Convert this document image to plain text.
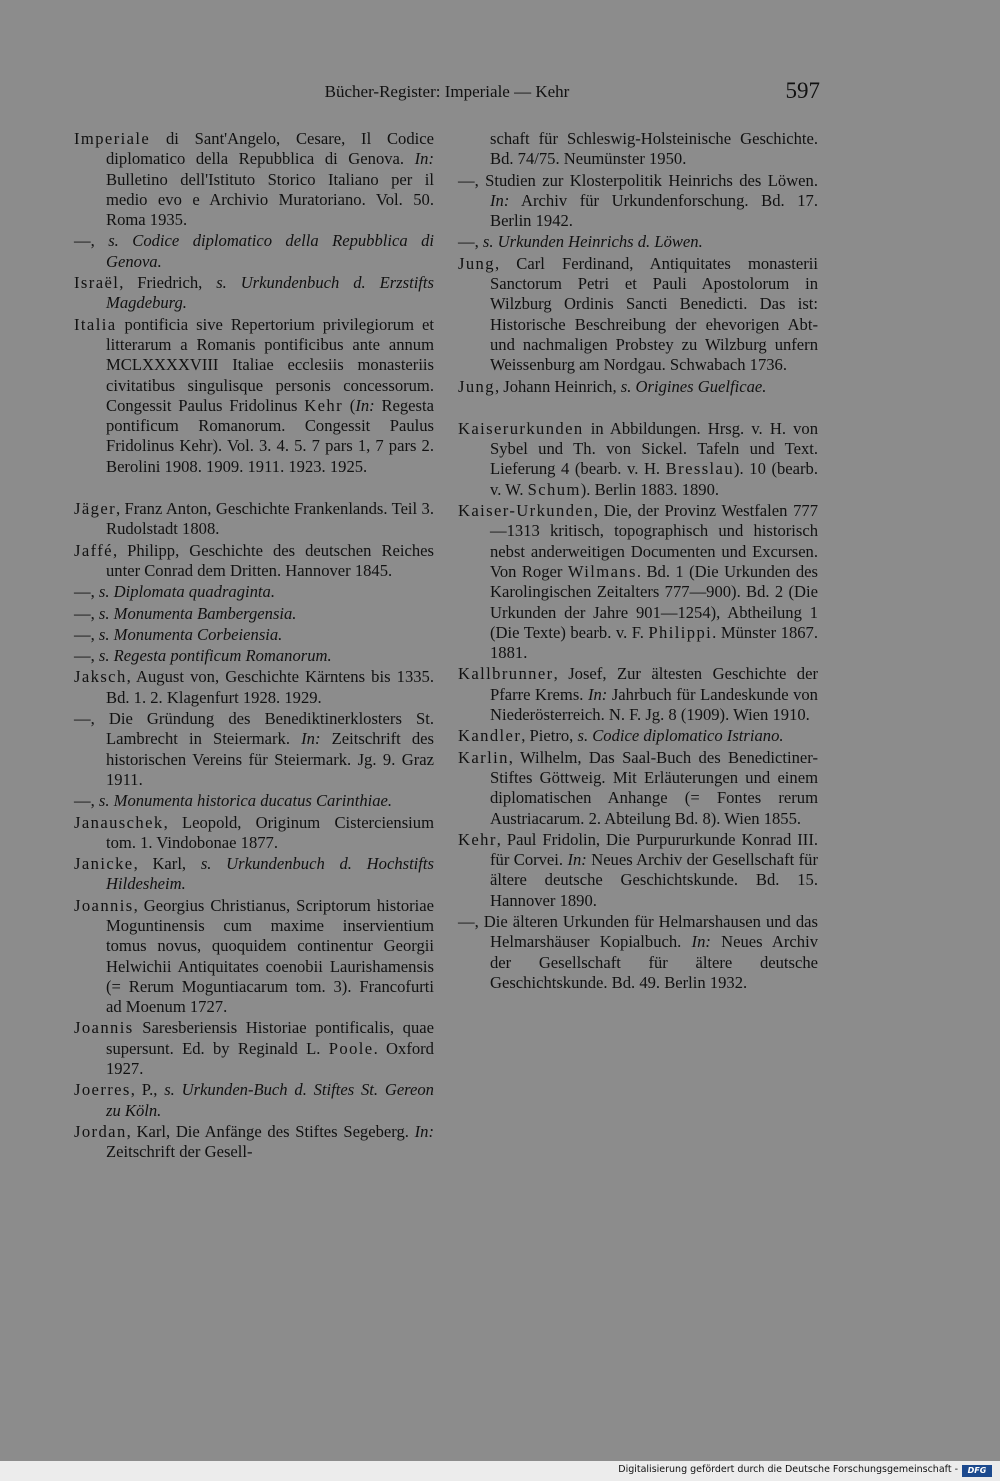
Bücher-Register: Imperiale — Kehr	597

Imperiale di Sant'Angelo, Cesare, Il Codice diplomatico della Repubblica di Genova. In: Bulletino dell'Istituto Storico Italiano per il medio evo e Archivio Muratoriano. Vol. 50. Roma 1935.

—, s. Codice diplomatico della Repubblica di Genova.

Israël, Friedrich, s. Urkundenbuch d. Erzstifts Magdeburg.

Italia pontificia sive Repertorium privilegiorum et litterarum a Romanis pontificibus ante annum MCLXXXXVIII Italiae ecclesiis monasteriis civitatibus singulisque personis concessorum. Congessit Paulus Fridolinus Kehr (In: Regesta pontificum Romanorum. Congessit Paulus Fridolinus Kehr). Vol. 3. 4. 5. 7 pars 1, 7 pars 2. Berolini 1908. 1909. 1911. 1923. 1925.

Jäger, Franz Anton, Geschichte Frankenlands. Teil 3. Rudolstadt 1808.

Jaffé, Philipp, Geschichte des deutschen Reiches unter Conrad dem Dritten. Hannover 1845.

—, s. Diplomata quadraginta.

—, s. Monumenta Bambergensia.

—, s. Monumenta Corbeiensia.

—, s. Regesta pontificum Romanorum.

Jaksch, August von, Geschichte Kärntens bis 1335. Bd. 1. 2. Klagenfurt 1928. 1929.

—, Die Gründung des Benediktinerklosters St. Lambrecht in Steiermark. In: Zeitschrift des historischen Vereins für Steiermark. Jg. 9. Graz 1911.

—, s. Monumenta historica ducatus Carinthiae.

Janauschek, Leopold, Originum Cisterciensium tom. 1. Vindobonae 1877.

Janicke, Karl, s. Urkundenbuch d. Hochstifts Hildesheim.

Joannis, Georgius Christianus, Scriptorum historiae Moguntinensis cum maxime inservientium tomus novus, quoquidem continentur Georgii Helwichii Antiquitates coenobii Laurishamensis (= Rerum Moguntiacarum tom. 3). Francofurti ad Moenum 1727.

Joannis Saresberiensis Historiae pontificalis, quae supersunt. Ed. by Reginald L. Poole. Oxford 1927.

Joerres, P., s. Urkunden-Buch d. Stiftes St. Gereon zu Köln.

Jordan, Karl, Die Anfänge des Stiftes Segeberg. In: Zeitschrift der Gesell-

schaft für Schleswig-Holsteinische Geschichte. Bd. 74/75. Neumünster 1950.

—, Studien zur Klosterpolitik Heinrichs des Löwen. In: Archiv für Urkundenforschung. Bd. 17. Berlin 1942.

—, s. Urkunden Heinrichs d. Löwen.

Jung, Carl Ferdinand, Antiquitates monasterii Sanctorum Petri et Pauli Apostolorum in Wilzburg Ordinis Sancti Benedicti. Das ist: Historische Beschreibung der ehevorigen Abt- und nachmaligen Probstey zu Wilzburg unfern Weissenburg am Nordgau. Schwabach 1736.

Jung, Johann Heinrich, s. Origines Guelficae.

Kaiserurkunden in Abbildungen. Hrsg. v. H. von Sybel und Th. von Sickel. Tafeln und Text. Lieferung 4 (bearb. v. H. Bresslau). 10 (bearb. v. W. Schum). Berlin 1883. 1890.

Kaiser-Urkunden, Die, der Provinz Westfalen 777—1313 kritisch, topographisch und historisch nebst anderweitigen Documenten und Excursen. Von Roger Wilmans. Bd. 1 (Die Urkunden des Karolingischen Zeitalters 777—900). Bd. 2 (Die Urkunden der Jahre 901—1254), Abtheilung 1 (Die Texte) bearb. v. F. Philippi. Münster 1867. 1881.

Kallbrunner, Josef, Zur ältesten Geschichte der Pfarre Krems. In: Jahrbuch für Landeskunde von Niederösterreich. N. F. Jg. 8 (1909). Wien 1910.

Kandler, Pietro, s. Codice diplomatico Istriano.

Karlin, Wilhelm, Das Saal-Buch des Benedictiner-Stiftes Göttweig. Mit Erläuterungen und einem diplomatischen Anhange (= Fontes rerum Austriacarum. 2. Abteilung Bd. 8). Wien 1855.

Kehr, Paul Fridolin, Die Purpururkunde Konrad III. für Corvei. In: Neues Archiv der Gesellschaft für ältere deutsche Geschichtskunde. Bd. 15. Hannover 1890.

—, Die älteren Urkunden für Helmarshausen und das Helmarshäuser Kopialbuch. In: Neues Archiv der Gesellschaft für ältere deutsche Geschichtskunde. Bd. 49. Berlin 1932.

Digitalisierung gefördert durch die Deutsche Forschungsgemeinschaft -	DFG
